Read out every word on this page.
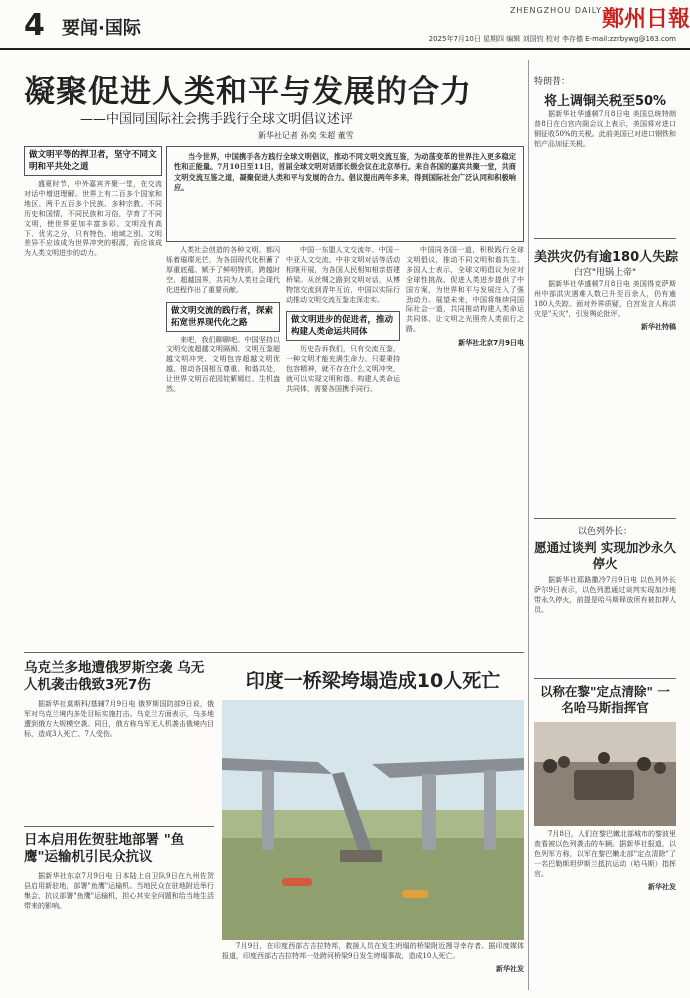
4 要闻·国际
ZHENGZHOU DAILY 鄭州日報
2025年7月10日 星期四 编辑 刘国钧 校对 李存德 E-mail:zzrbywg@163.com
凝聚促进人类和平与发展的合力
——中国同国际社会携手践行全球文明倡议述评
新华社记者 孙奕 朱超 董雪

当今世界，中国携手各方践行全球文明倡议，推动不同文明交流互鉴，为动荡变革的世界注入更多稳定性和正能量。7月10日至11日，首届全球文明对话部长级会议在北京举行。来自各国的嘉宾共聚一堂，共商文明交流互鉴之道，凝聚促进人类和平与发展的合力。倡议提出两年多来，得到国际社会广泛认同和积极响应。

做文明平等的捍卫者，坚守不同文明和平共处之道

盛夏时节，中外嘉宾齐聚一堂，在交流对话中增进理解。世界上有二百多个国家和地区、两千五百多个民族、多种宗教。不同历史和国情，不同民族和习俗，孕育了不同文明，使世界更加丰富多彩。文明没有高下、优劣之分，只有特色、地域之别。文明差异不应该成为世界冲突的根源，而应该成为人类文明进步的动力。	人类社会创造的各种文明，都闪烁着璀璨光芒，为各国现代化积蓄了厚重底蕴、赋予了鲜明特质，跨越时空、超越国界，共同为人类社会现代化进程作出了重要贡献。

做文明交流的践行者，探索拓宽世界现代化之路

来吧，我们聊聊吧。中国坚持以文明交流超越文明隔阂、文明互鉴超越文明冲突、文明包容超越文明优越，推动各国相互尊重、和谐共处，让世界文明百花园姹紫嫣红、生机盎然。

中国一东盟人文交流年、中国－中亚人文交流、中非文明对话等活动相继开展，为各国人民相知相亲搭建桥梁。从丝绸之路到文明对话，从博物馆交流到青年互访，中国以实际行动推动文明交流互鉴走深走实。

做文明进步的促进者，推动构建人类命运共同体

历史告诉我们，只有交流互鉴，一种文明才能充满生命力。只要秉持包容精神，就不存在什么文明冲突，就可以实现文明和谐。构建人类命运共同体，需要各国携手同行。

中国同各国一道，积极践行全球文明倡议，推动不同文明和谐共生。多国人士表示，全球文明倡议为应对全球性挑战、促进人类进步提供了中国方案，为世界和平与发展注入了强劲动力。展望未来，中国将继续同国际社会一道，共同推动构建人类命运共同体，让文明之光照亮人类前行之路。

新华社北京7月9日电
乌克兰多地遭俄罗斯空袭 乌无人机袭击俄致3死7伤

据新华社莫斯科/基辅7月9日电 俄罗斯国防部9日说，俄军对乌克兰境内多处目标实施打击。乌克兰方面表示，乌多地遭到俄方大规模空袭。同日，俄方称乌军无人机袭击俄境内目标，造成3人死亡、7人受伤。

日本启用佐贺驻地部署 "鱼鹰"运输机引民众抗议

据新华社东京7月9日电 日本陆上自卫队9日在九州佐贺县启用新驻地，部署"鱼鹰"运输机。当地民众在驻地附近举行集会，抗议部署"鱼鹰"运输机，担心其安全问题和给当地生活带来的影响。

印度一桥梁垮塌造成10人死亡

7月9日，在印度西部古吉拉特邦，救援人员在发生坍塌的桥梁附近搜寻幸存者。据印度媒体报道，印度西部古吉拉特邦一处跨河桥梁9日发生垮塌事故，造成10人死亡。

新华社发
特朗普：
将上调铜关税至50%

据新华社华盛顿7月8日电 美国总统特朗普8日在白宫内阁会议上表示，美国将对进口铜征收50%的关税。此前美国已对进口钢铁和铝产品加征关税。

美洪灾仍有逾180人失踪
白宫"甩锅上帝"

据新华社华盛顿7月8日电 美国得克萨斯州中部洪灾遇难人数已升至百余人，仍有逾180人失踪。面对外界质疑，白宫发言人称洪灾是"天灾"，引发舆论批评。

新华社特稿
以色列外长：
愿通过谈判 实现加沙永久停火

据新华社耶路撒冷7月9日电 以色列外长萨尔9日表示，以色列愿通过谈判实现加沙地带永久停火，前提是哈马斯释放所有被扣押人员。

以称在黎"定点清除" 一名哈马斯指挥官

7月8日，人们在黎巴嫩北部城市的黎波里查看被以色列袭击的车辆。据新华社报道，以色列军方称，以军在黎巴嫩北部"定点清除"了一名巴勒斯坦伊斯兰抵抗运动（哈马斯）指挥官。

新华社发
